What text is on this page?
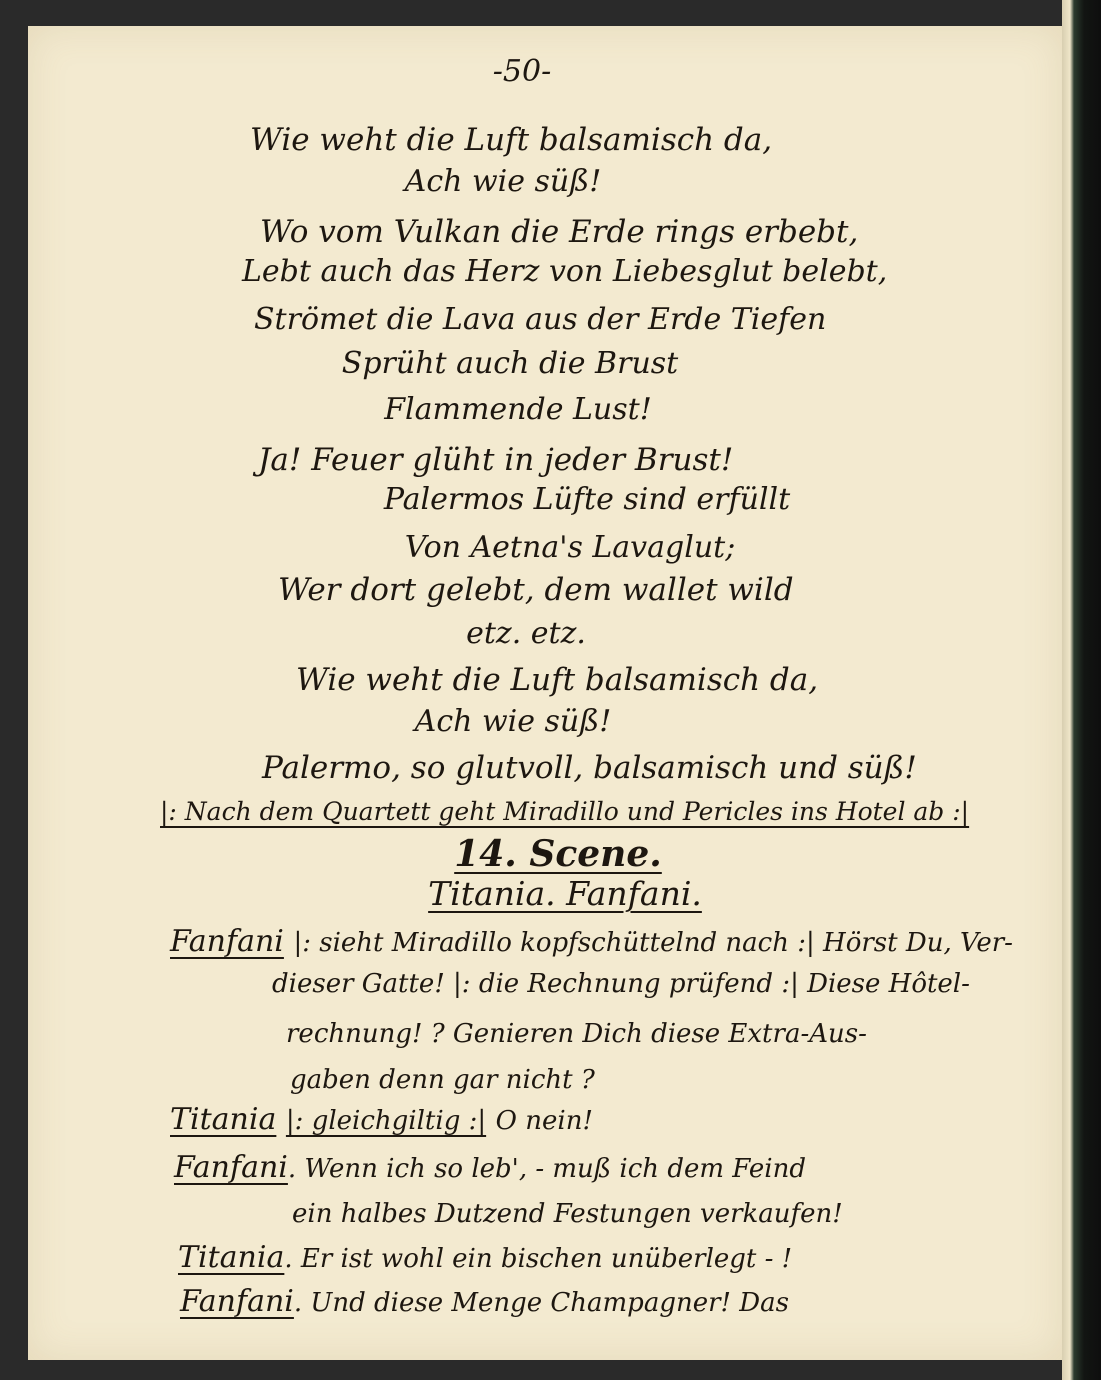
-50-
Wie weht die Luft balsamisch da,
Ach wie süß!
Wo vom Vulkan die Erde rings erbebt,
Lebt auch das Herz von Liebesglut belebt,
Strömet die Lava aus der Erde Tiefen
Sprüht auch die Brust
Flammende Lust!
Ja! Feuer glüht in jeder Brust!
Palermos Lüfte sind erfüllt
Von Aetna's Lavaglut;
Wer dort gelebt, dem wallet wild
etz. etz.
Wie weht die Luft balsamisch da,
Ach wie süß!
Palermo, so glutvoll, balsamisch und süß!
|: Nach dem Quartett geht Miradillo und Pericles ins Hotel ab :|
14. Scene.
Titania. Fanfani.
Fanfani |: sieht Miradillo kopfschüttelnd nach :| Hörst Du, Ver-
dieser Gatte! |: die Rechnung prüfend :| Diese Hôtel-
rechnung! ? Genieren Dich diese Extra-Aus-
gaben denn gar nicht ?
Titania |: gleichgiltig :| O nein!
Fanfani. Wenn ich so leb', - muß ich dem Feind
ein halbes Dutzend Festungen verkaufen!
Titania. Er ist wohl ein bischen unüberlegt - !
Fanfani. Und diese Menge Champagner! Das
